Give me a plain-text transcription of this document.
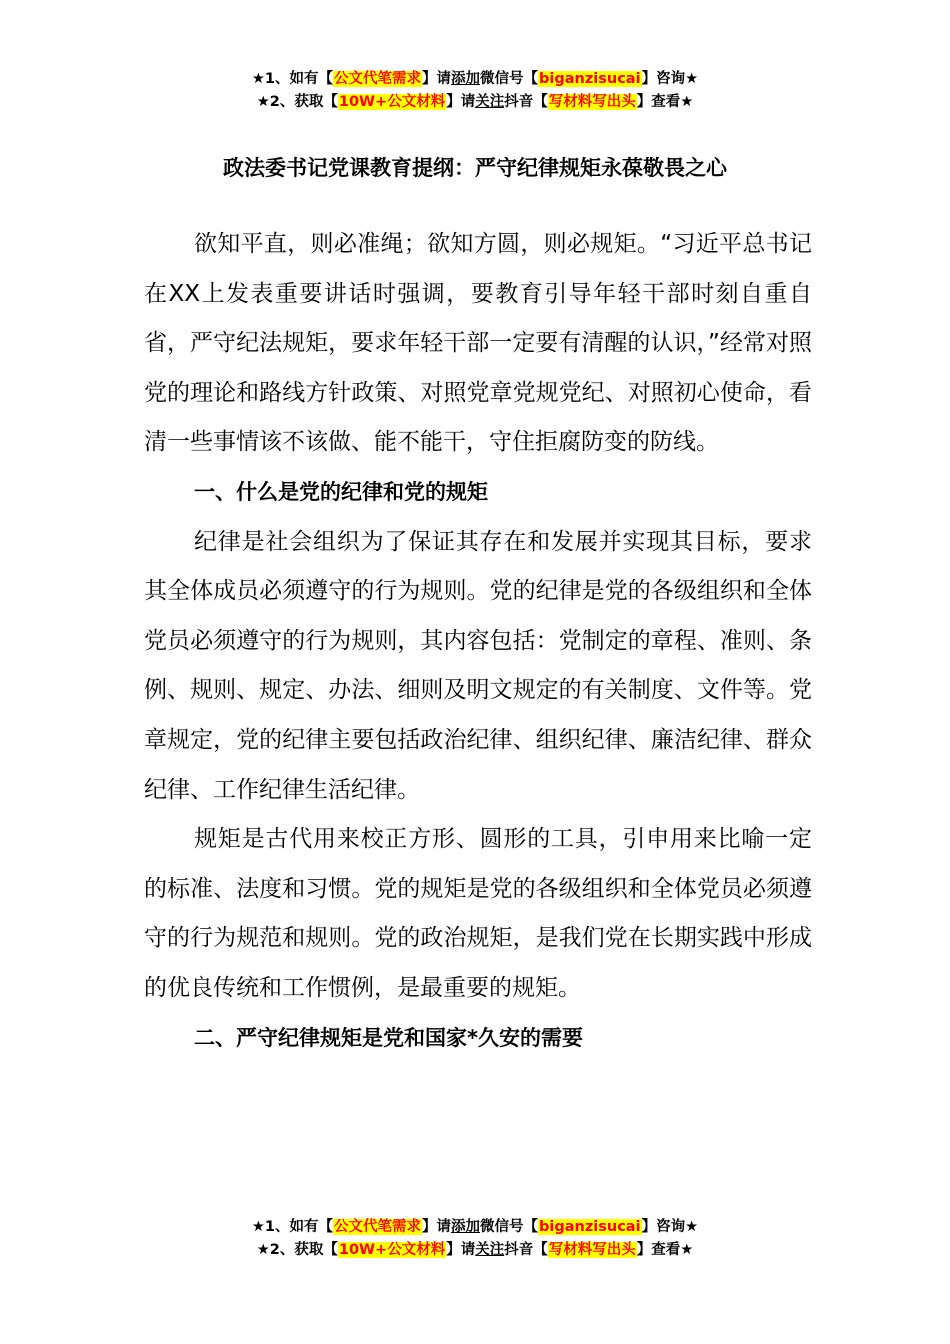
★1、如有【公文代笔需求】请添加微信号【biganzisucai】咨询★
★2、获取【10W+公文材料】请关注抖音【写材料写出头】查看★
政法委书记党课教育提纲：严守纪律规矩永葆敬畏之心

欲知平直，则必准绳；欲知方圆，则必规矩。“习近平总书记在XX上发表重要讲话时强调，要教育引导年轻干部时刻自重自省，严守纪法规矩，要求年轻干部一定要有清醒的认识，”经常对照党的理论和路线方针政策、对照党章党规党纪、对照初心使命，看清一些事情该不该做、能不能干，守住拒腐防变的防线。

一、什么是党的纪律和党的规矩

纪律是社会组织为了保证其存在和发展并实现其目标，要求其全体成员必须遵守的行为规则。党的纪律是党的各级组织和全体党员必须遵守的行为规则，其内容包括：党制定的章程、准则、条例、规则、规定、办法、细则及明文规定的有关制度、文件等。党章规定，党的纪律主要包括政治纪律、组织纪律、廉洁纪律、群众纪律、工作纪律生活纪律。

规矩是古代用来校正方形、圆形的工具，引申用来比喻一定的标准、法度和习惯。党的规矩是党的各级组织和全体党员必须遵守的行为规范和规则。党的政治规矩，是我们党在长期实践中形成的优良传统和工作惯例，是最重要的规矩。

二、严守纪律规矩是党和国家*久安的需要

★1、如有【公文代笔需求】请添加微信号【biganzisucai】咨询★
★2、获取【10W+公文材料】请关注抖音【写材料写出头】查看★
